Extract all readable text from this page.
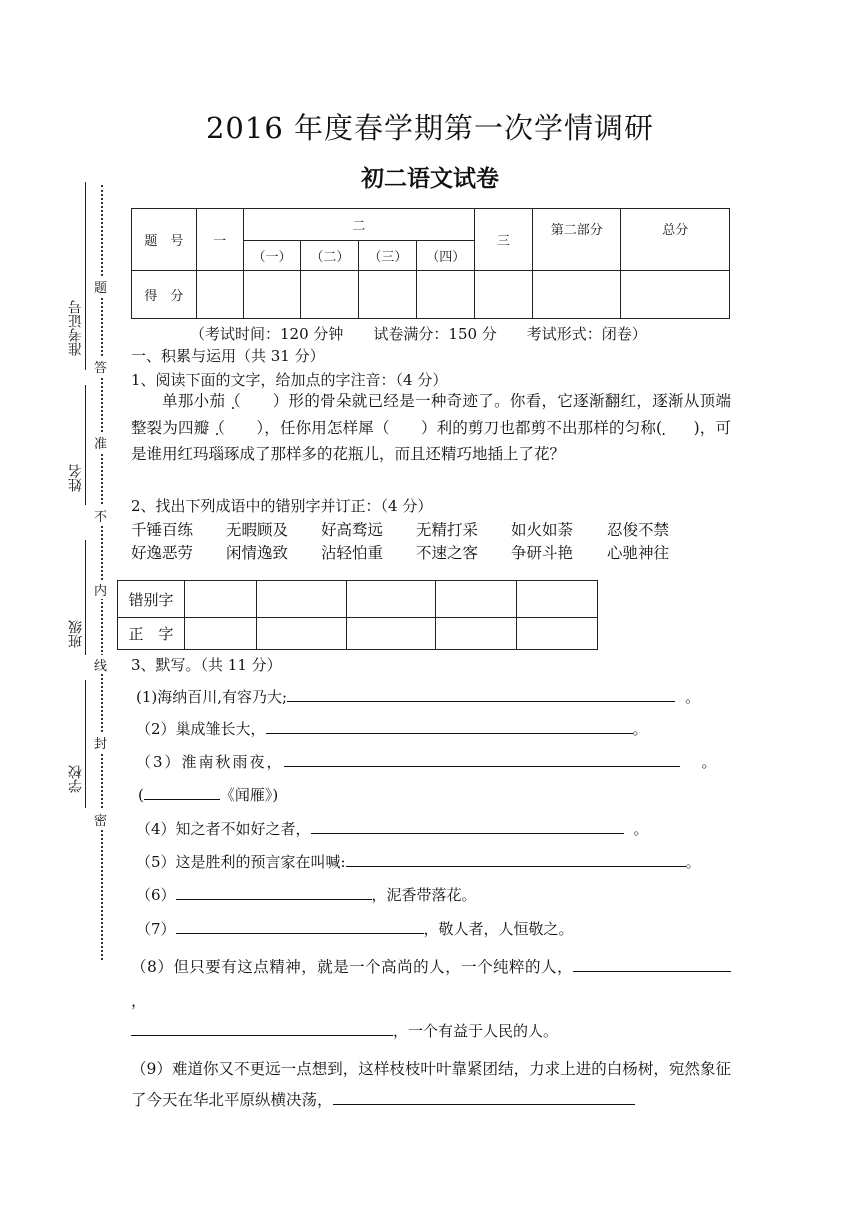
准考证号
姓名
班级
学校
题
答
准
不
内
线
封
密
2016 年度春学期第一次学情调研
初二语文试卷
题　号	一	二				三	第二部分	总分
		（一）	（二）	（三）	（四）			
得　分								
（考试时间：120 分钟　　试卷满分：150 分　　考试形式：闭卷）
一、积累与运用（共 31 分）
1、阅读下面的文字，给加点的字注音：（4 分）
单那小茄（　　）形的骨朵就已经是一种奇迹了。你看，它逐渐翻红，逐渐从顶端整裂为四瓣（　　），任你用怎样犀（　　）利的剪刀也都剪不出那样的匀称(　　)，可是谁用红玛瑙琢成了那样多的花瓶儿，而且还精巧地插上了花？
2、找出下列成语中的错别字并订正：（4 分）
千锤百练 无暇顾及 好高骛远 无精打采 如火如荼 忍俊不禁
好逸恶劳 闲情逸致 沾轻怕重 不速之客 争研斗艳 心驰神往
错别字					
正　字					
3、默写。（共 11 分）
(1)海纳百川,有容乃大;	。
（2）巢成雏长大，	。
（3）淮南秋雨夜，	。
(	《闻雁》)
（4）知之者不如好之者，	。
（5）这是胜利的预言家在叫喊:	。
（6）	，泥香带落花。
（7）	，敬人者，人恒敬之。
（8）但只要有这点精神，就是一个高尚的人，一个纯粹的人，，
，一个有益于人民的人。
（9）难道你又不更远一点想到，这样枝枝叶叶靠紧团结，力求上进的白杨树，宛然象征了今天在华北平原纵横决荡，
